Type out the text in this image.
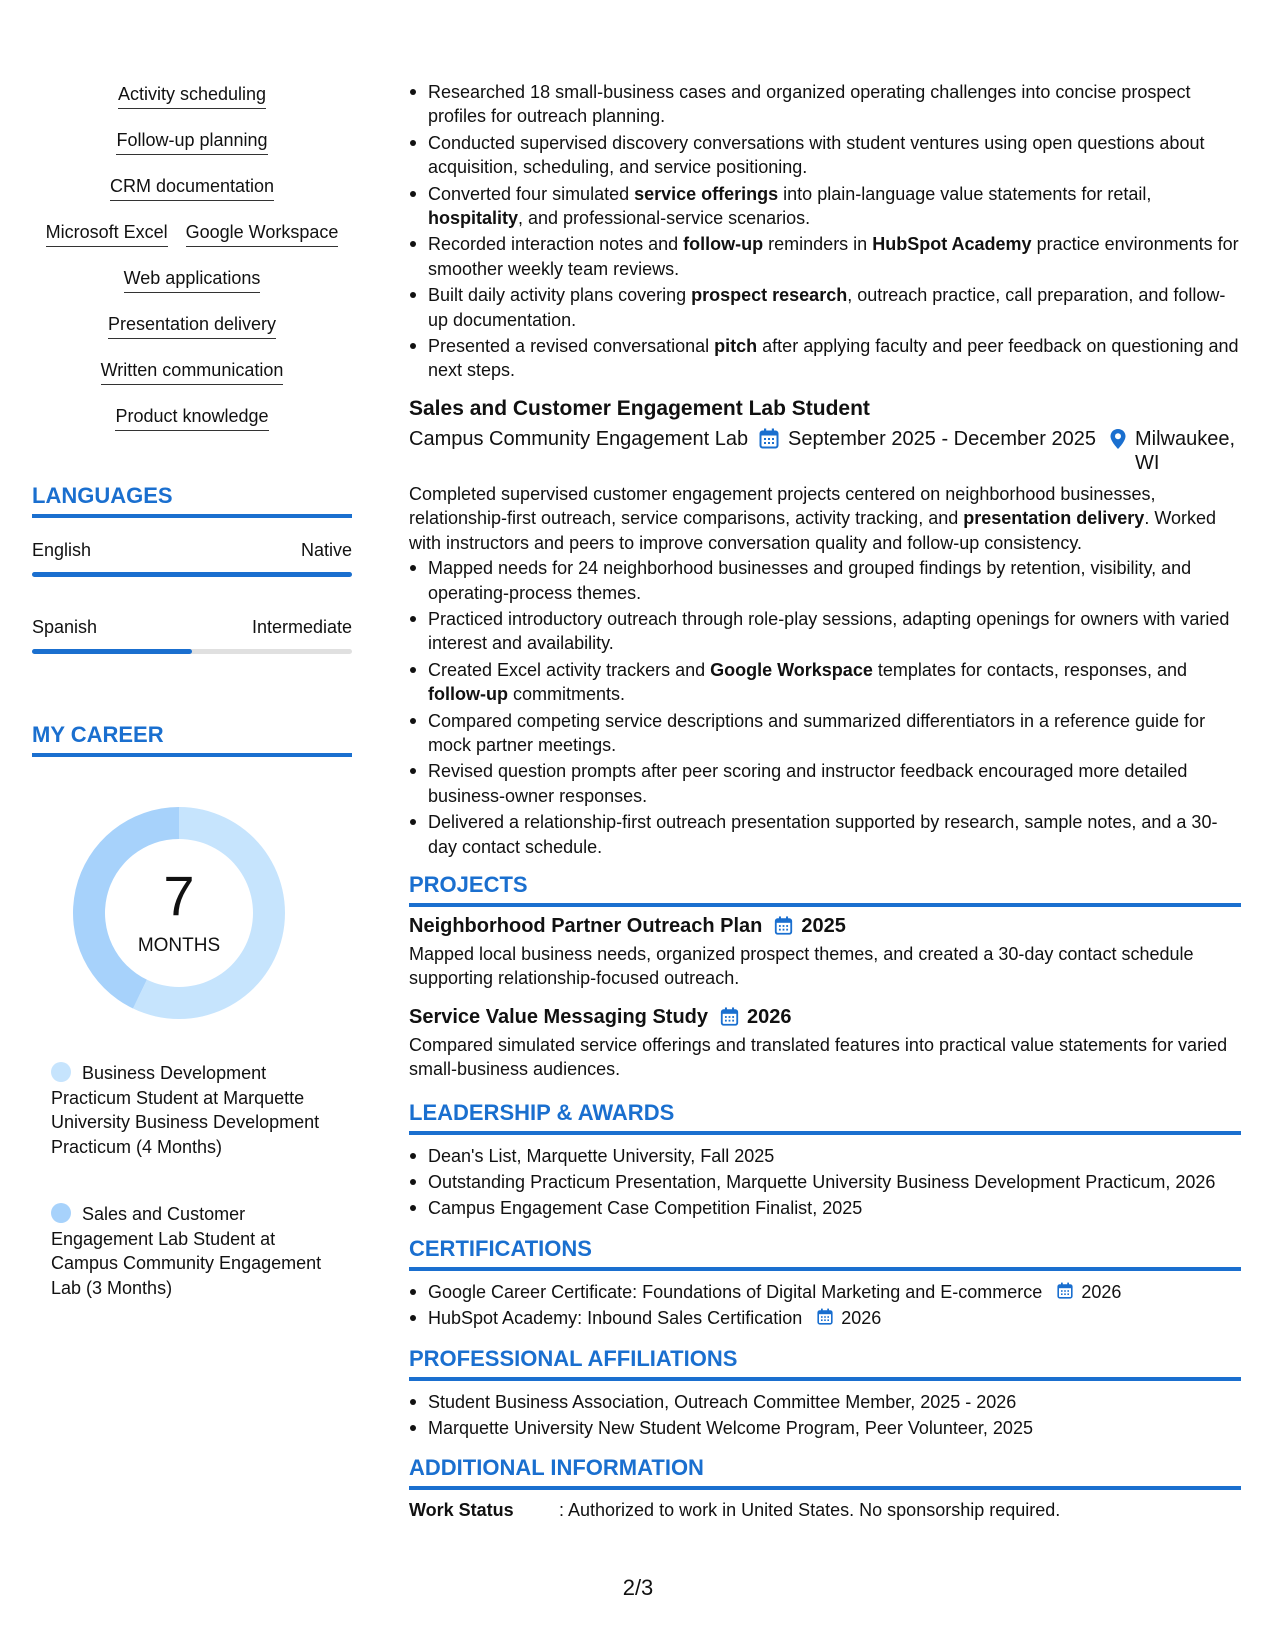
Activity scheduling
Follow-up planning
CRM documentation
Microsoft Excel Google Workspace
Web applications
Presentation delivery
Written communication
Product knowledge
LANGUAGES
English	Native
Spanish	Intermediate
MY CAREER
7
MONTHS
Business Development Practicum Student at Marquette University Business Development Practicum (4 Months)
Sales and Customer Engagement Lab Student at Campus Community Engagement Lab (3 Months)
Researched 18 small-business cases and organized operating challenges into concise prospect profiles for outreach planning.
Conducted supervised discovery conversations with student ventures using open questions about acquisition, scheduling, and service positioning.
Converted four simulated service offerings into plain-language value statements for retail, hospitality, and professional-service scenarios.
Recorded interaction notes and follow-up reminders in HubSpot Academy practice environments for smoother weekly team reviews.
Built daily activity plans covering prospect research, outreach practice, call preparation, and follow-up documentation.
Presented a revised conversational pitch after applying faculty and peer feedback on questioning and next steps.
Sales and Customer Engagement Lab Student
Campus Community Engagement Lab	September 2025 - December 2025 Milwaukee, WI
Completed supervised customer engagement projects centered on neighborhood businesses, relationship-first outreach, service comparisons, activity tracking, and presentation delivery. Worked with instructors and peers to improve conversation quality and follow-up consistency.
Mapped needs for 24 neighborhood businesses and grouped findings by retention, visibility, and operating-process themes.
Practiced introductory outreach through role-play sessions, adapting openings for owners with varied interest and availability.
Created Excel activity trackers and Google Workspace templates for contacts, responses, and follow-up commitments.
Compared competing service descriptions and summarized differentiators in a reference guide for mock partner meetings.
Revised question prompts after peer scoring and instructor feedback encouraged more detailed business-owner responses.
Delivered a relationship-first outreach presentation supported by research, sample notes, and a 30-day contact schedule.
PROJECTS
Neighborhood Partner Outreach Plan 2025
Mapped local business needs, organized prospect themes, and created a 30-day contact schedule supporting relationship-focused outreach.
Service Value Messaging Study 2026
Compared simulated service offerings and translated features into practical value statements for varied small-business audiences.
LEADERSHIP & AWARDS
Dean's List, Marquette University, Fall 2025
Outstanding Practicum Presentation, Marquette University Business Development Practicum, 2026
Campus Engagement Case Competition Finalist, 2025
CERTIFICATIONS
Google Career Certificate: Foundations of Digital Marketing and E-commerce 2026
HubSpot Academy: Inbound Sales Certification 2026
PROFESSIONAL AFFILIATIONS
Student Business Association, Outreach Committee Member, 2025 - 2026
Marquette University New Student Welcome Program, Peer Volunteer, 2025
ADDITIONAL INFORMATION
Work Status	: Authorized to work in United States. No sponsorship required.
2/3
